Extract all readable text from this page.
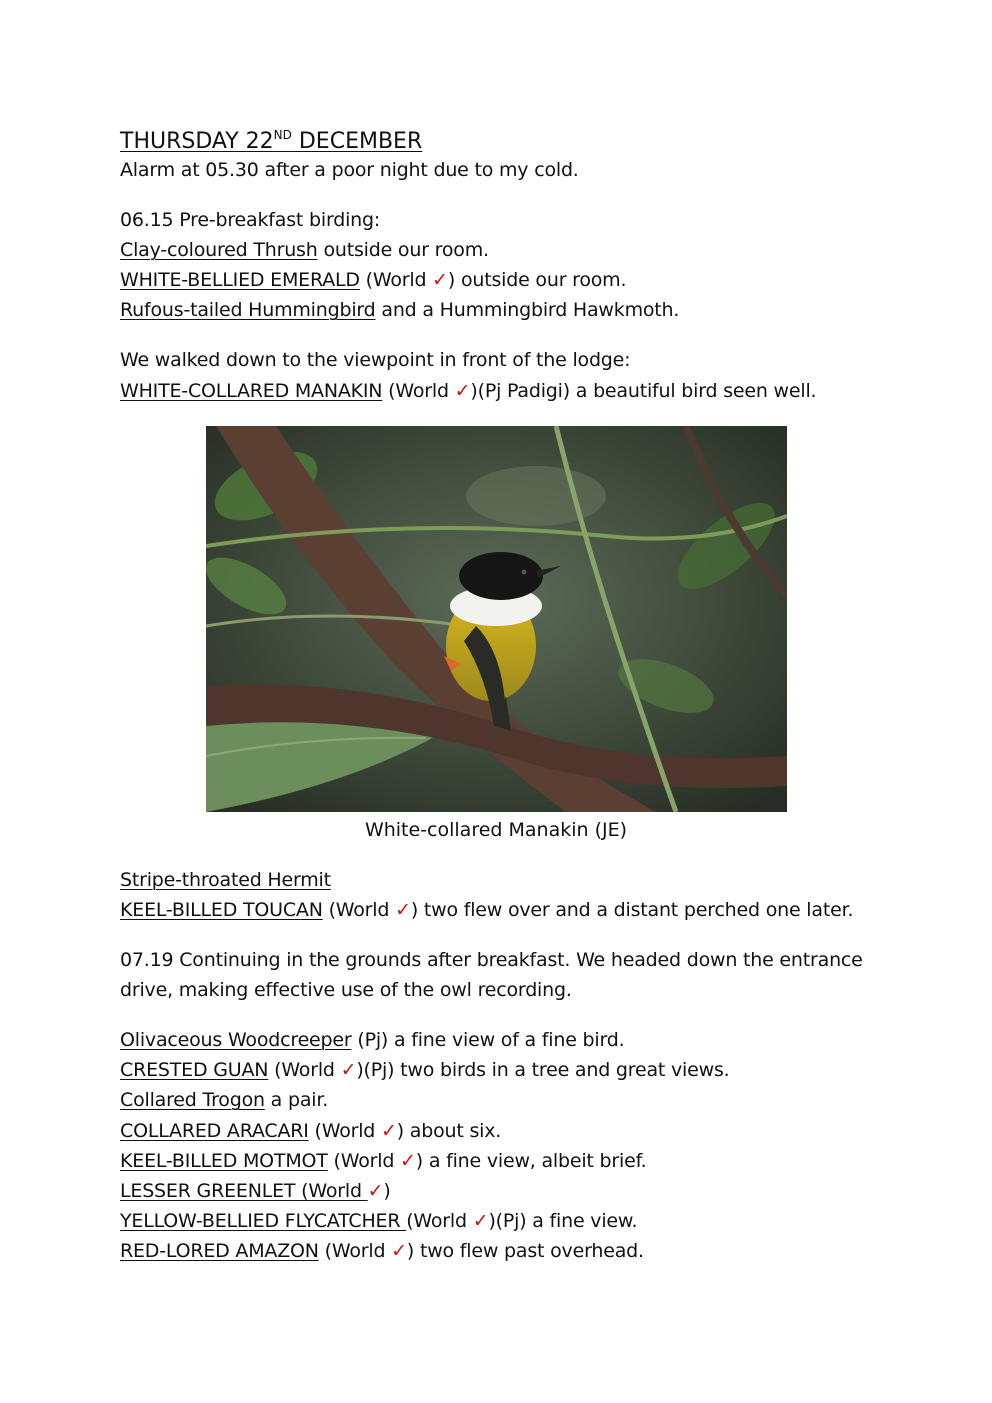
THURSDAY 22ND DECEMBER
Alarm at 05.30 after a poor night due to my cold.
06.15 Pre-breakfast birding:
Clay-coloured Thrush outside our room.
WHITE-BELLIED EMERALD (World ✓) outside our room.
Rufous-tailed Hummingbird and a Hummingbird Hawkmoth.
We walked down to the viewpoint in front of the lodge:
WHITE-COLLARED MANAKIN (World ✓)(Pj Padigi) a beautiful bird seen well.
White-collared Manakin (JE)
Stripe-throated Hermit
KEEL-BILLED TOUCAN (World ✓) two flew over and a distant perched one later.
07.19 Continuing in the grounds after breakfast. We headed down the entrance
drive, making effective use of the owl recording.
Olivaceous Woodcreeper (Pj) a fine view of a fine bird.
CRESTED GUAN (World ✓)(Pj) two birds in a tree and great views.
Collared Trogon a pair.
COLLARED ARACARI (World ✓) about six.
KEEL-BILLED MOTMOT (World ✓) a fine view, albeit brief.
LESSER GREENLET (World ✓)
YELLOW-BELLIED FLYCATCHER (World ✓)(Pj) a fine view.
RED-LORED AMAZON (World ✓) two flew past overhead.
